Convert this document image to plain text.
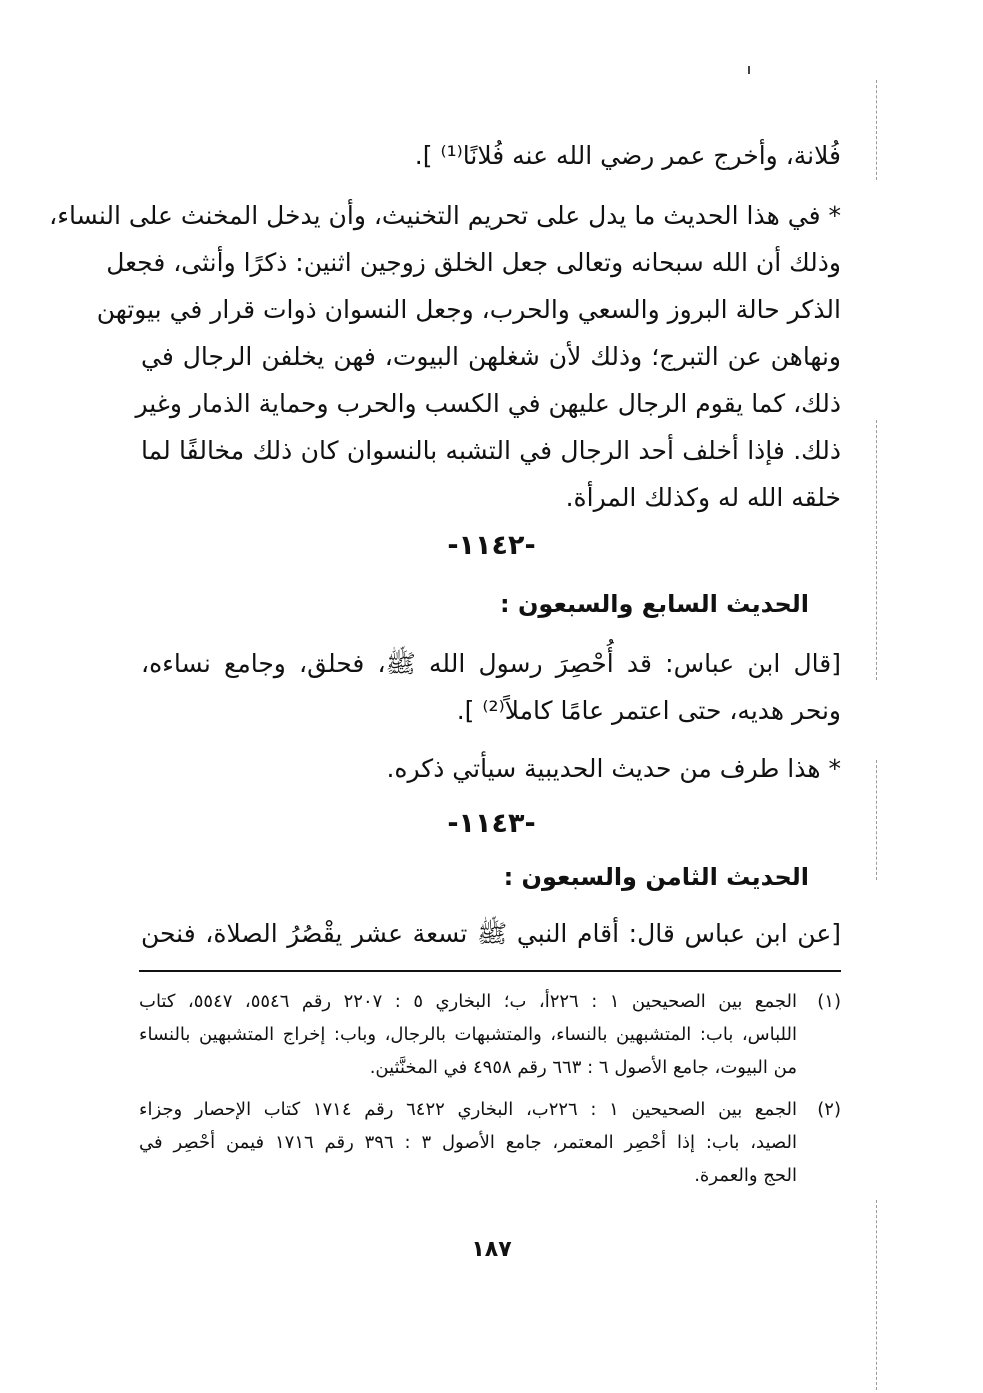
فُلانة، وأخرج عمر رضي الله عنه فُلانًا⁽¹⁾ ].
* في هذا الحديث ما يدل على تحريم التخنيث، وأن يدخل المخنث على النساء،
وذلك أن الله سبحانه وتعالى جعل الخلق زوجين اثنين: ذكرًا وأنثى، فجعل
الذكر حالة البروز والسعي والحرب، وجعل النسوان ذوات قرار في بيوتهن
ونهاهن عن التبرج؛ وذلك لأن شغلهن البيوت، فهن يخلفن الرجال في
ذلك، كما يقوم الرجال عليهن في الكسب والحرب وحماية الذمار وغير
ذلك. فإذا أخلف أحد الرجال في التشبه بالنسوان كان ذلك مخالفًا لما
خلقه الله له وكذلك المرأة.
-١١٤٢-
الحديث السابع والسبعون :
[قال ابن عباس: قد أُحْصِرَ رسول الله ﷺ، فحلق، وجامع نساءه،
ونحر هديه، حتى اعتمر عامًا كاملاً⁽²⁾ ].
* هذا طرف من حديث الحديبية سيأتي ذكره.
-١١٤٣-
الحديث الثامن والسبعون :
[عن ابن عباس قال: أقام النبي ﷺ تسعة عشر يقْصُرُ الصلاة، فنحن
(١)
الجمع بين الصحيحين ١ : ٢٢٦أ، ب؛ البخاري ٥ : ٢٢٠٧ رقم ٥٥٤٦، ٥٥٤٧، كتاب
اللباس، باب: المتشبهين بالنساء، والمتشبهات بالرجال، وباب: إخراج المتشبهين بالنساء
من البيوت، جامع الأصول ٦ : ٦٦٣ رقم ٤٩٥٨ في المخنَّثين.
(٢)
الجمع بين الصحيحين ١ : ٢٢٦ب، البخاري ٦٤٢٢ رقم ١٧١٤ كتاب الإحصار وجزاء
الصيد، باب: إذا أحْصِر المعتمر، جامع الأصول ٣ : ٣٩٦ رقم ١٧١٦ فيمن أحْصِر في
الحج والعمرة.
١٨٧
